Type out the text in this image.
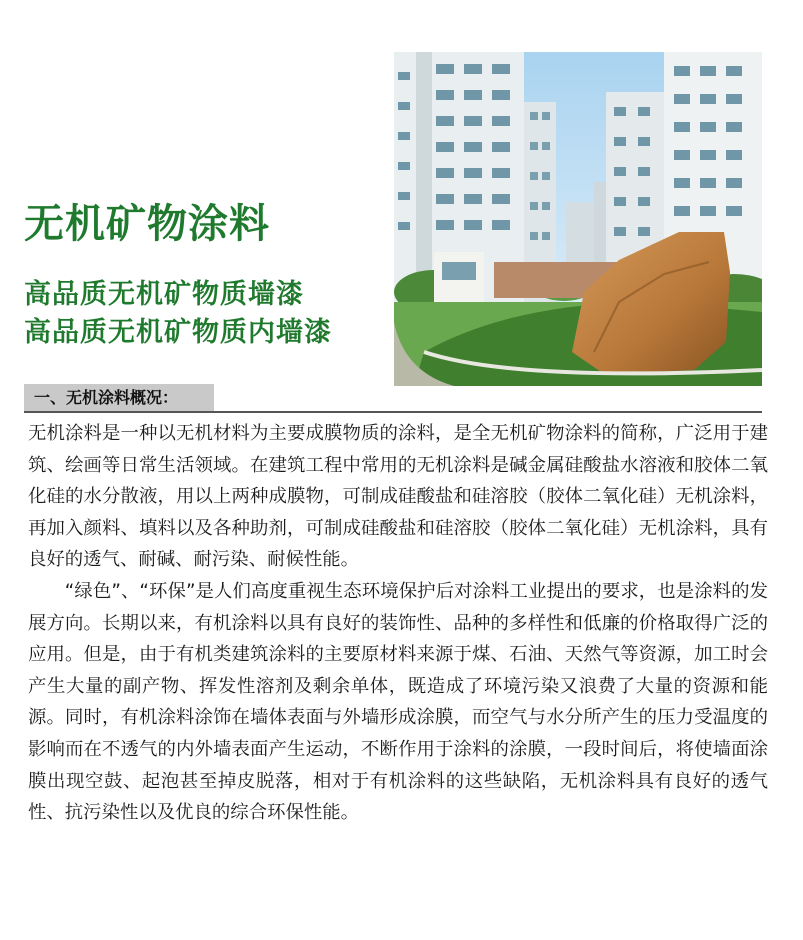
无机矿物涂料
高品质无机矿物质墙漆
高品质无机矿物质内墙漆
一、无机涂料概况：

无机涂料是一种以无机材料为主要成膜物质的涂料，是全无机矿物涂料的简称，广泛用于建筑、绘画等日常生活领域。在建筑工程中常用的无机涂料是碱金属硅酸盐水溶液和胶体二氧化硅的水分散液，用以上两种成膜物，可制成硅酸盐和硅溶胶（胶体二氧化硅）无机涂料，再加入颜料、填料以及各种助剂，可制成硅酸盐和硅溶胶（胶体二氧化硅）无机涂料，具有良好的透气、耐碱、耐污染、耐候性能。

“绿色”、“环保”是人们高度重视生态环境保护后对涂料工业提出的要求，也是涂料的发展方向。长期以来，有机涂料以具有良好的装饰性、品种的多样性和低廉的价格取得广泛的应用。但是，由于有机类建筑涂料的主要原材料来源于煤、石油、天然气等资源，加工时会产生大量的副产物、挥发性溶剂及剩余单体，既造成了环境污染又浪费了大量的资源和能源。同时，有机涂料涂饰在墙体表面与外墙形成涂膜，而空气与水分所产生的压力受温度的影响而在不透气的内外墙表面产生运动，不断作用于涂料的涂膜，一段时间后，将使墙面涂膜出现空鼓、起泡甚至掉皮脱落，相对于有机涂料的这些缺陷，无机涂料具有良好的透气性、抗污染性以及优良的综合环保性能。
